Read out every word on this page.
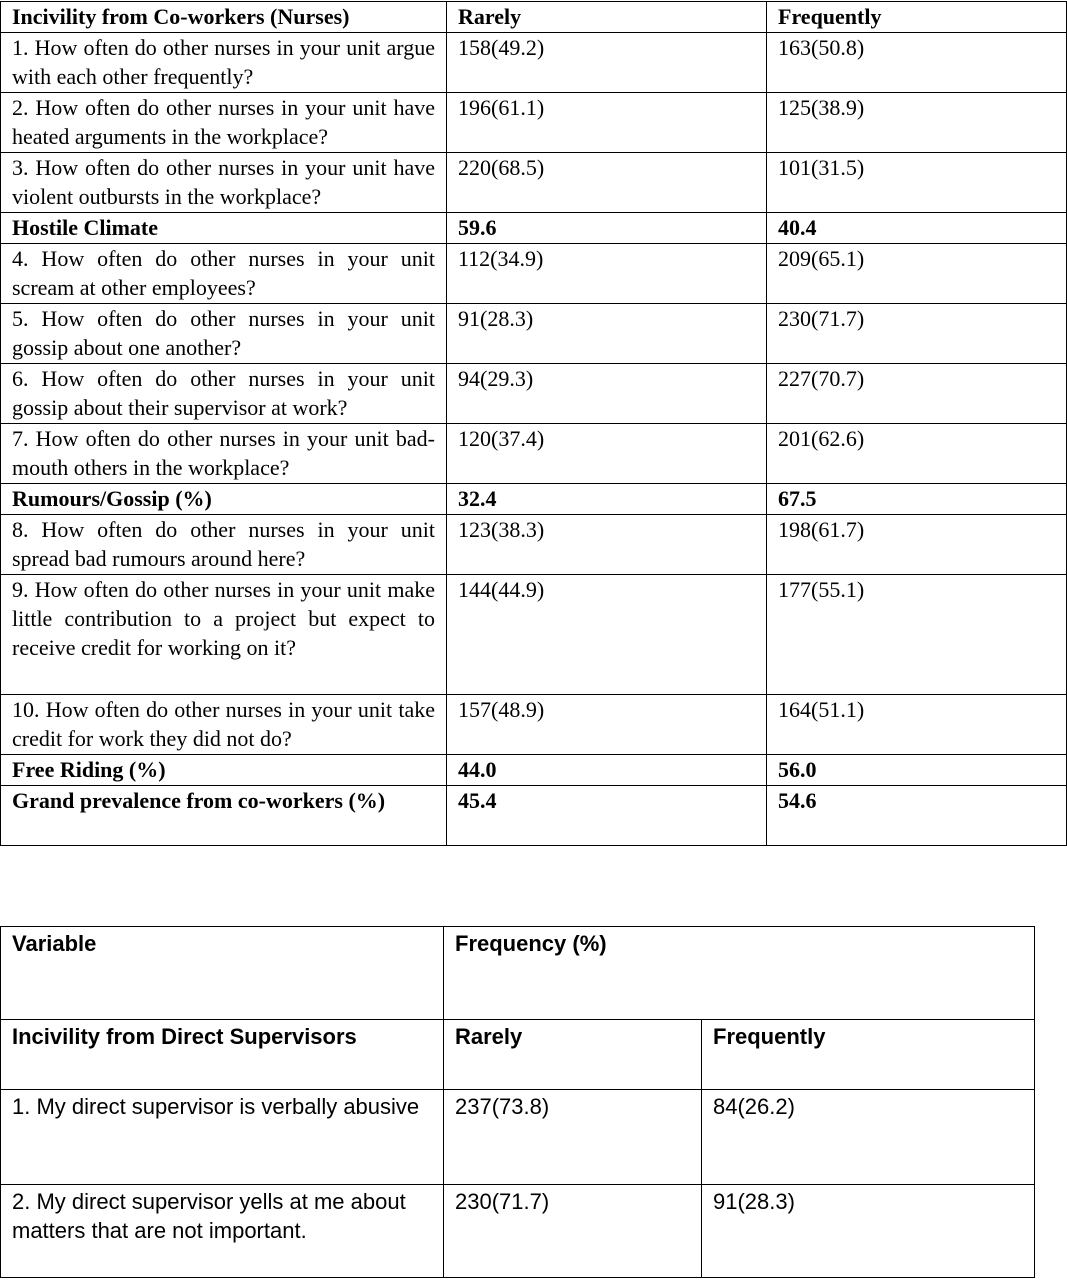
Incivility from Co-workers (Nurses)	Rarely	Frequently
1. How often do other nurses in your unit argue with each other frequently?	158(49.2)	163(50.8)
2. How often do other nurses in your unit have heated arguments in the workplace?	196(61.1)	125(38.9)
3. How often do other nurses in your unit have violent outbursts in the workplace?	220(68.5)	101(31.5)
Hostile Climate	59.6	40.4
4. How often do other nurses in your unit scream at other employees?	112(34.9)	209(65.1)
5. How often do other nurses in your unit gossip about one another?	91(28.3)	230(71.7)
6. How often do other nurses in your unit gossip about their supervisor at work?	94(29.3)	227(70.7)
7. How often do other nurses in your unit bad-mouth others in the workplace?	120(37.4)	201(62.6)
Rumours/Gossip (%)	32.4	67.5
8. How often do other nurses in your unit spread bad rumours around here?	123(38.3)	198(61.7)
9. How often do other nurses in your unit make little contribution to a project but expect to receive credit for working on it?	144(44.9)	177(55.1)
10. How often do other nurses in your unit take credit for work they did not do?	157(48.9)	164(51.1)
Free Riding (%)	44.0	56.0
Grand prevalence from co-workers (%)	45.4	54.6
Variable	Frequency (%)	
Incivility from Direct Supervisors	Rarely	Frequently
1. My direct supervisor is verbally abusive	237(73.8)	84(26.2)
2. My direct supervisor yells at me about matters that are not important.	230(71.7)	91(28.3)
